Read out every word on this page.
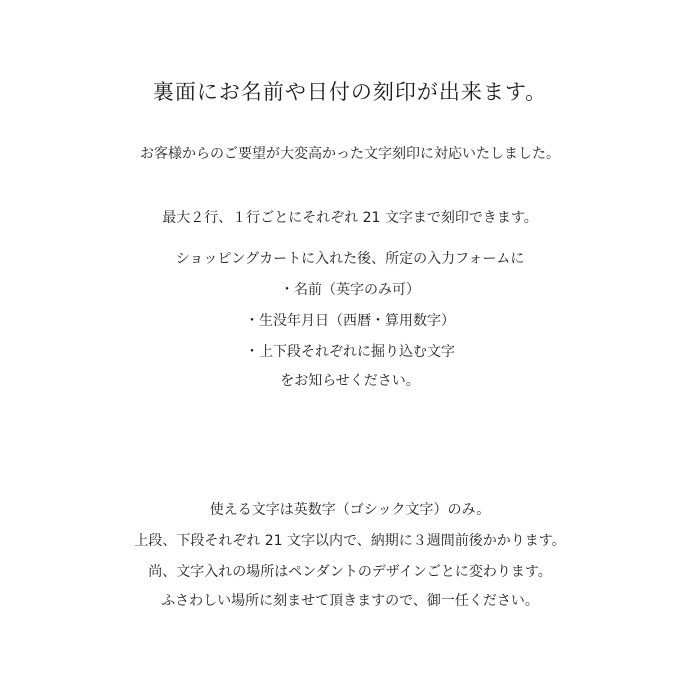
裏面にお名前や日付の刻印が出来ます。
お客様からのご要望が大変高かった文字刻印に対応いたしました。
最大２行、１行ごとにそれぞれ 21 文字まで刻印できます。
ショッピングカートに入れた後、所定の入力フォームに
・名前（英字のみ可）
・生没年月日（西暦・算用数字）
・上下段それぞれに掘り込む文字
をお知らせください。
使える文字は英数字（ゴシック文字）のみ。
上段、下段それぞれ 21 文字以内で、納期に３週間前後かかります。
尚、文字入れの場所はペンダントのデザインごとに変わります。
ふさわしい場所に刻ませて頂きますので、御一任ください。
